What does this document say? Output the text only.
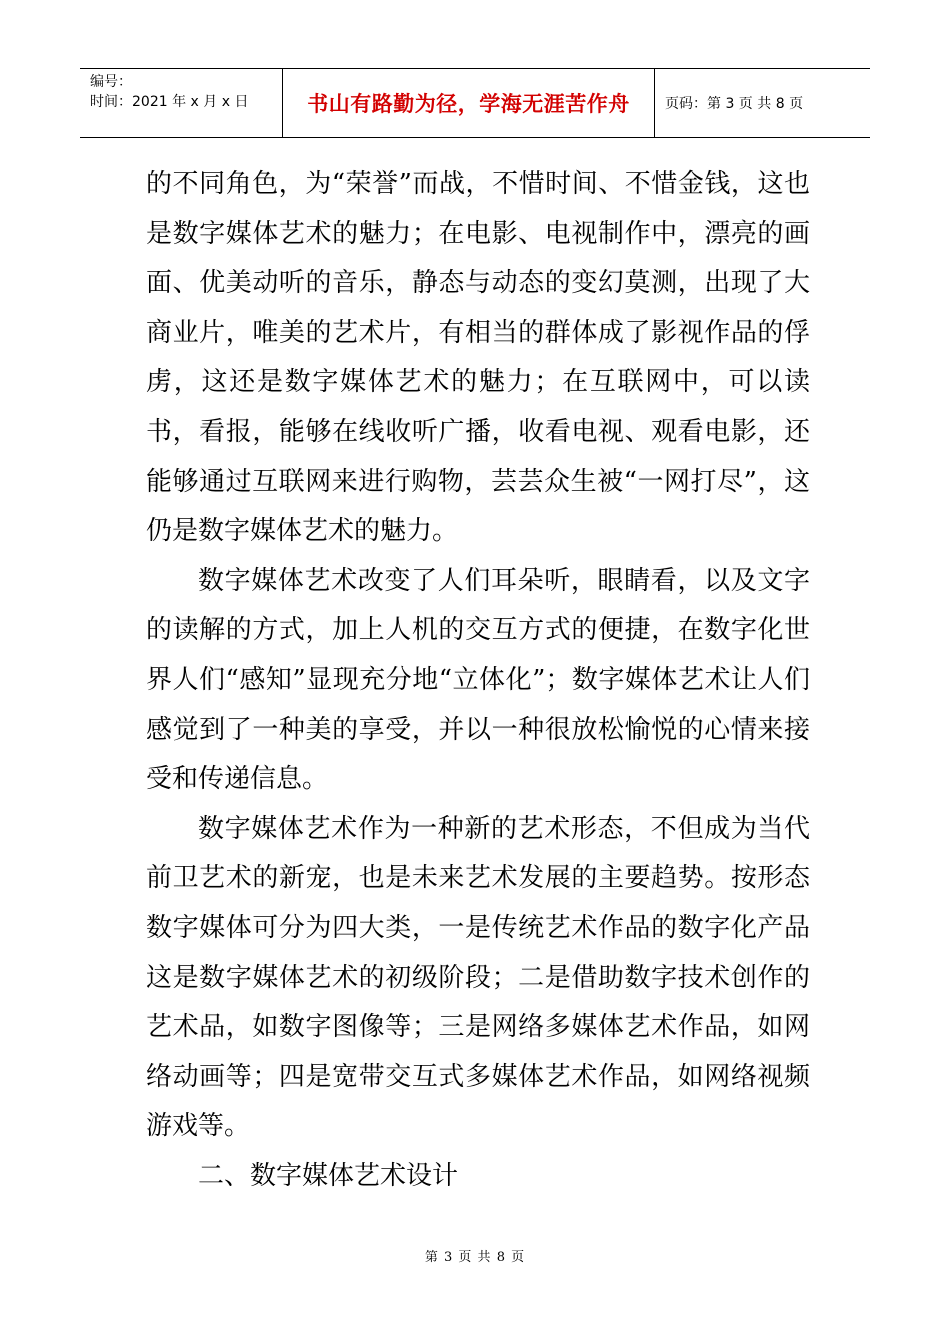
编号：
时间：2021 年 x 月 x 日	书山有路勤为径，学海无涯苦作舟	页码：第 3 页 共 8 页

的不同角色，为“荣誉”而战，不惜时间、不惜金钱，这也是数字媒体艺术的魅力；在电影、电视制作中，漂亮的画面、优美动听的音乐，静态与动态的变幻莫测，出现了大商业片，唯美的艺术片，有相当的群体成了影视作品的俘虏，这还是数字媒体艺术的魅力；在互联网中，可以读书，看报，能够在线收听广播，收看电视、观看电影，还能够通过互联网来进行购物，芸芸众生被“一网打尽”，这仍是数字媒体艺术的魅力。

数字媒体艺术改变了人们耳朵听，眼睛看，以及文字的读解的方式，加上人机的交互方式的便捷，在数字化世界人们“感知”显现充分地“立体化”；数字媒体艺术让人们感觉到了一种美的享受，并以一种很放松愉悦的心情来接受和传递信息。

数字媒体艺术作为一种新的艺术形态，不但成为当代前卫艺术的新宠，也是未来艺术发展的主要趋势。按形态数字媒体可分为四大类，一是传统艺术作品的数字化产品这是数字媒体艺术的初级阶段；二是借助数字技术创作的艺术品，如数字图像等；三是网络多媒体艺术作品，如网络动画等；四是宽带交互式多媒体艺术作品，如网络视频游戏等。

二、数字媒体艺术设计

第 3 页 共 8 页
